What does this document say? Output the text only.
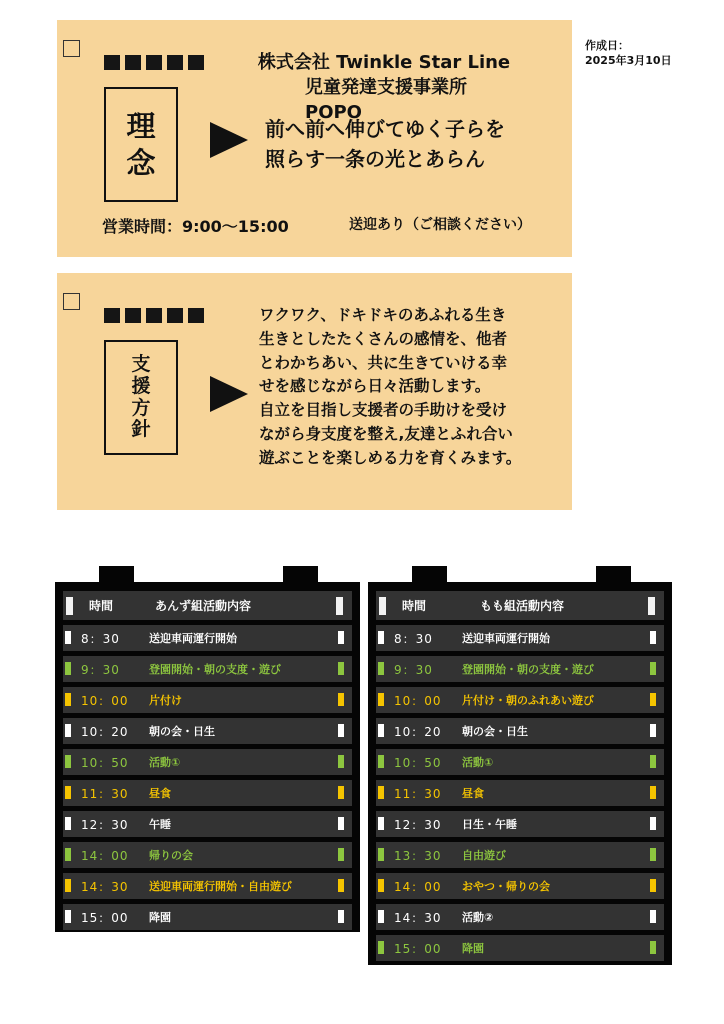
作成日：
2025年3月10日
理
念
株式会社 Twinkle Star Line
児童発達支援事業所POPO
前へ前へ伸びてゆく子らを
照らす一条の光とあらん
営業時間：9:00～15:00	送迎あり（ご相談ください）
支
援
方
針
ワクワク、ドキドキのあふれる生き
生きとしたたくさんの感情を、他者
とわかちあい、共に生きていける幸
せを感じながら日々活動します。
自立を目指し支援者の手助けを受け
ながら身支度を整え,友達とふれ合い
遊ぶことを楽しめる力を育くみます。
時間	あんず組活動内容
8：30	送迎車両運行開始
9：30	登園開始・朝の支度・遊び
10：00 片付け
10：20 朝の会・日生
10：50 活動①
11：30 昼食
12：30 午睡
14：00 帰りの会
14：30 送迎車両運行開始・自由遊び
15：00 降園
時間	もも組活動内容
8：30	送迎車両運行開始
9：30	登園開始・朝の支度・遊び
10：00 片付け・朝のふれあい遊び
10：20 朝の会・日生
10：50 活動①
11：30 昼食
12：30 日生・午睡
13：30 自由遊び
14：00 おやつ・帰りの会
14：30 活動②
15：00 降園
